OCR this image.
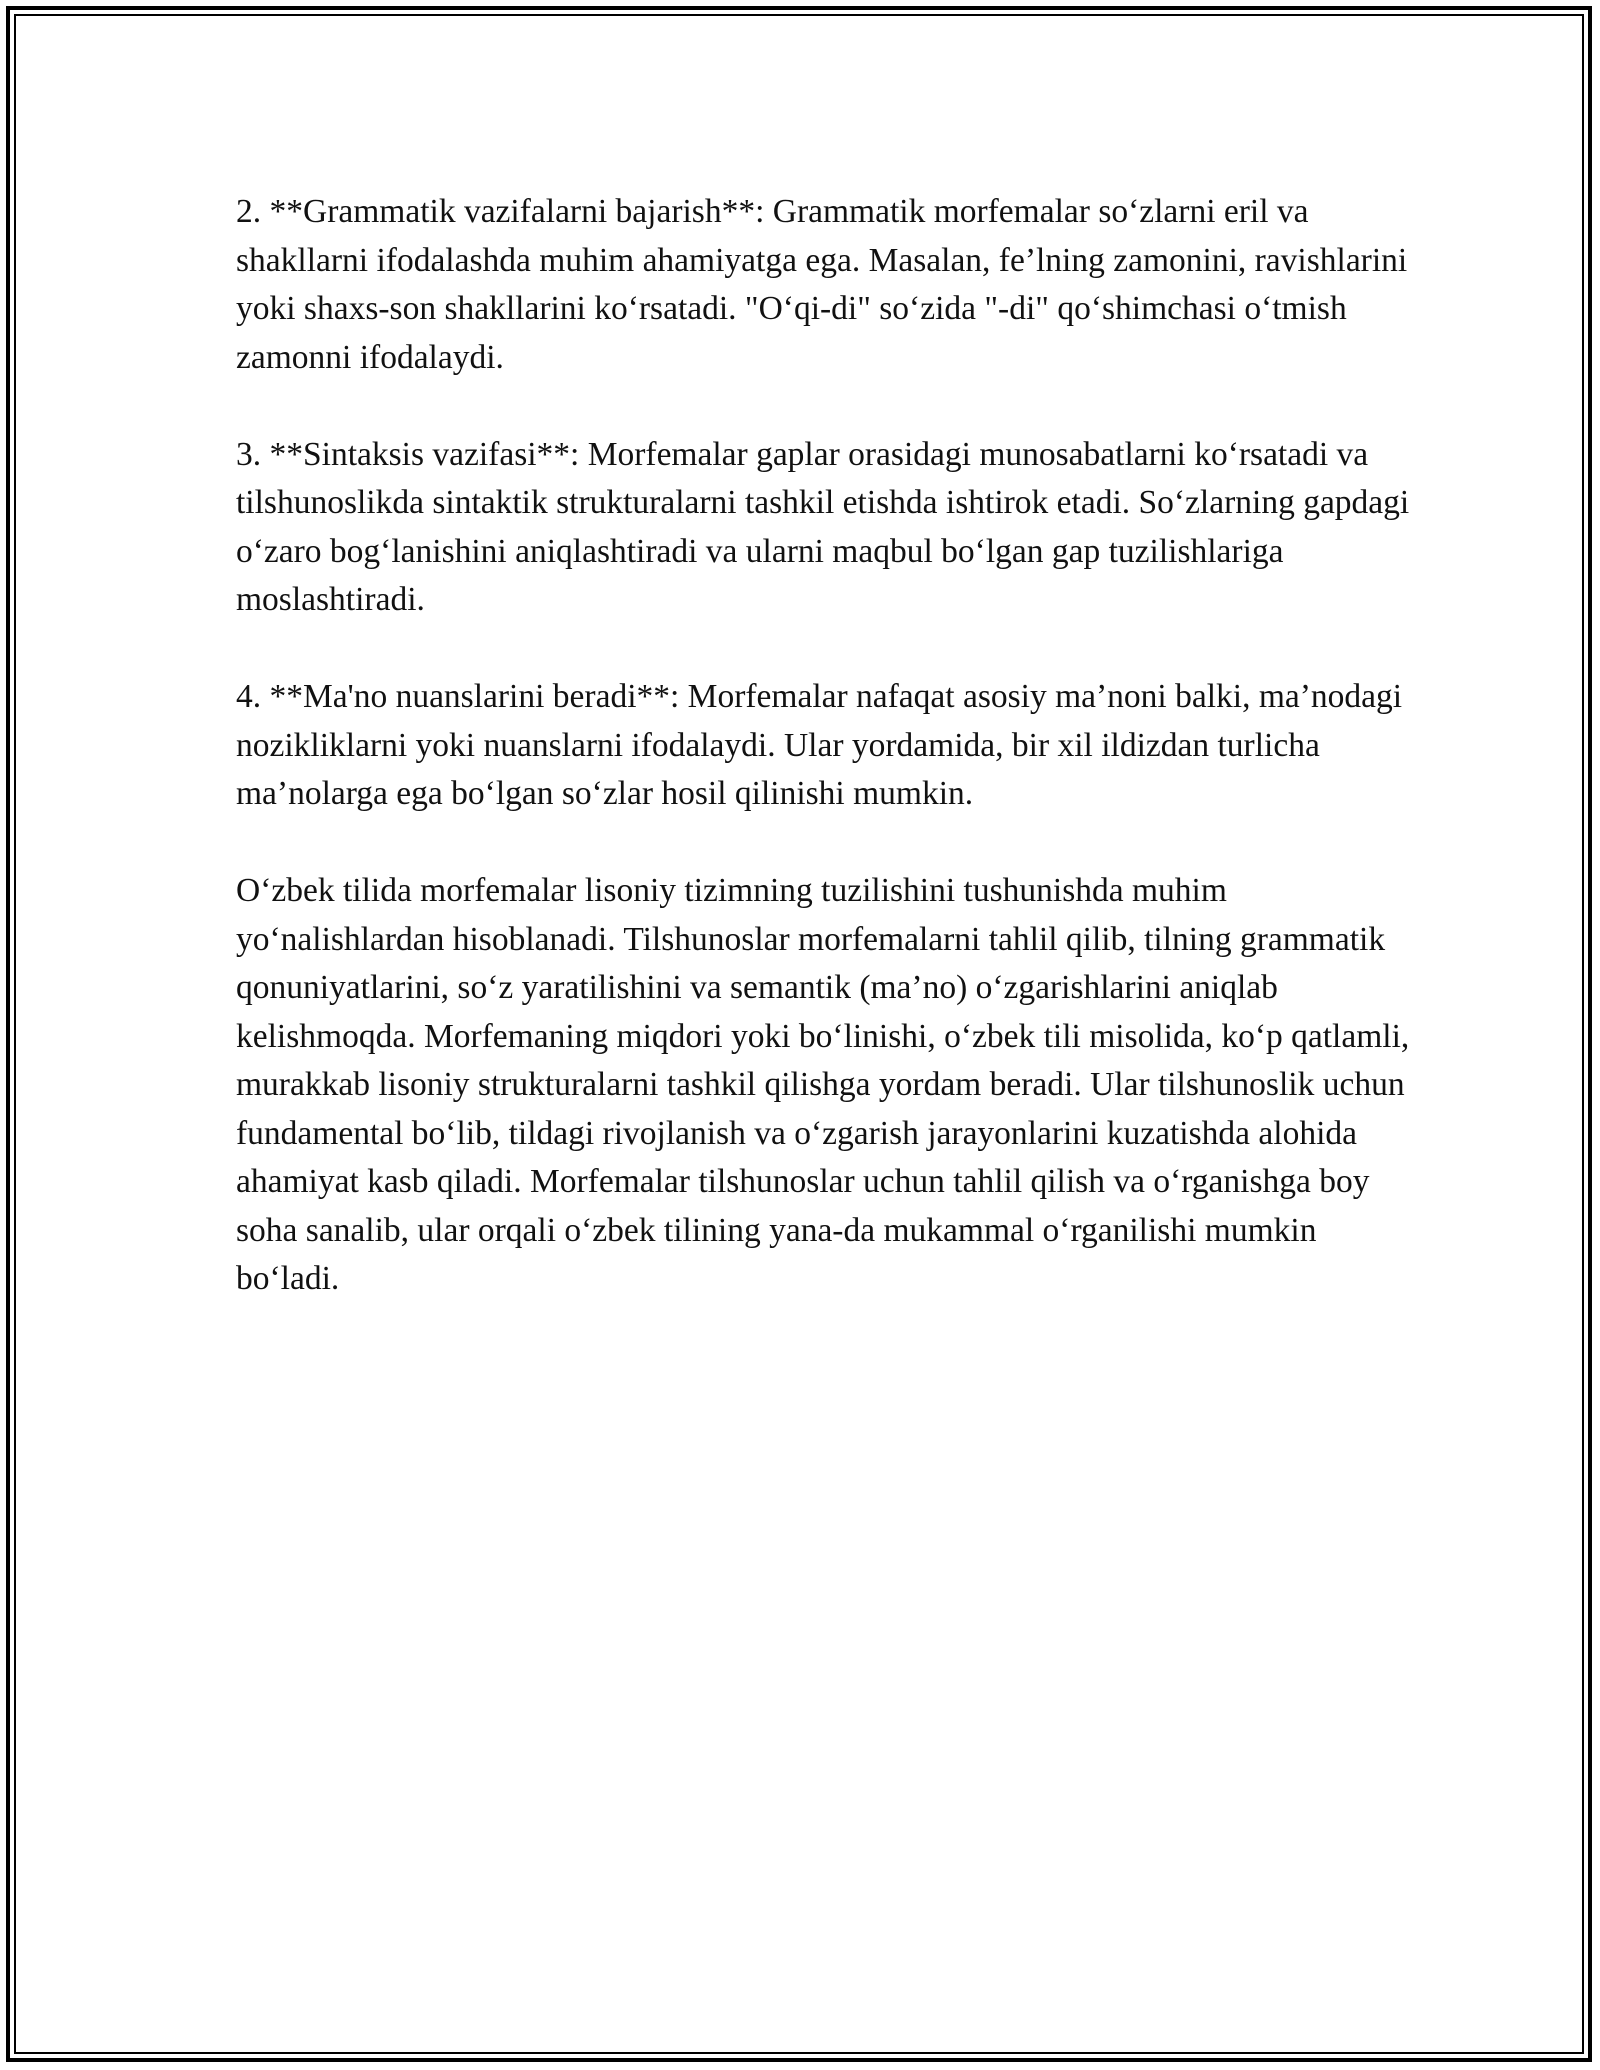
2. **Grammatik vazifalarni bajarish**: Grammatik morfemalar so‘zlarni eril va shakllarni ifodalashda muhim ahamiyatga ega. Masalan, fe’lning zamonini, ravishlarini yoki shaxs-son shakllarini ko‘rsatadi. "O‘qi-di" so‘zida "-di" qo‘shimchasi o‘tmish zamonni ifodalaydi.

3. **Sintaksis vazifasi**: Morfemalar gaplar orasidagi munosabatlarni ko‘rsatadi va tilshunoslikda sintaktik strukturalarni tashkil etishda ishtirok etadi. So‘zlarning gapdagi o‘zaro bog‘lanishini aniqlashtiradi va ularni maqbul bo‘lgan gap tuzilishlariga moslashtiradi.

4. **Ma'no nuanslarini beradi**: Morfemalar nafaqat asosiy ma’noni balki, ma’nodagi nozikliklarni yoki nuanslarni ifodalaydi. Ular yordamida, bir xil ildizdan turlicha ma’nolarga ega bo‘lgan so‘zlar hosil qilinishi mumkin.

O‘zbek tilida morfemalar lisoniy tizimning tuzilishini tushunishda muhim yo‘nalishlardan hisoblanadi. Tilshunoslar morfemalarni tahlil qilib, tilning grammatik qonuniyatlarini, so‘z yaratilishini va semantik (ma’no) o‘zgarishlarini aniqlab kelishmoqda. Morfemaning miqdori yoki bo‘linishi, o‘zbek tili misolida, ko‘p qatlamli, murakkab lisoniy strukturalarni tashkil qilishga yordam beradi. Ular tilshunoslik uchun fundamental bo‘lib, tildagi rivojlanish va o‘zgarish jarayonlarini kuzatishda alohida ahamiyat kasb qiladi. Morfemalar tilshunoslar uchun tahlil qilish va o‘rganishga boy soha sanalib, ular orqali o‘zbek tilining yana-da mukammal o‘rganilishi mumkin bo‘ladi.
